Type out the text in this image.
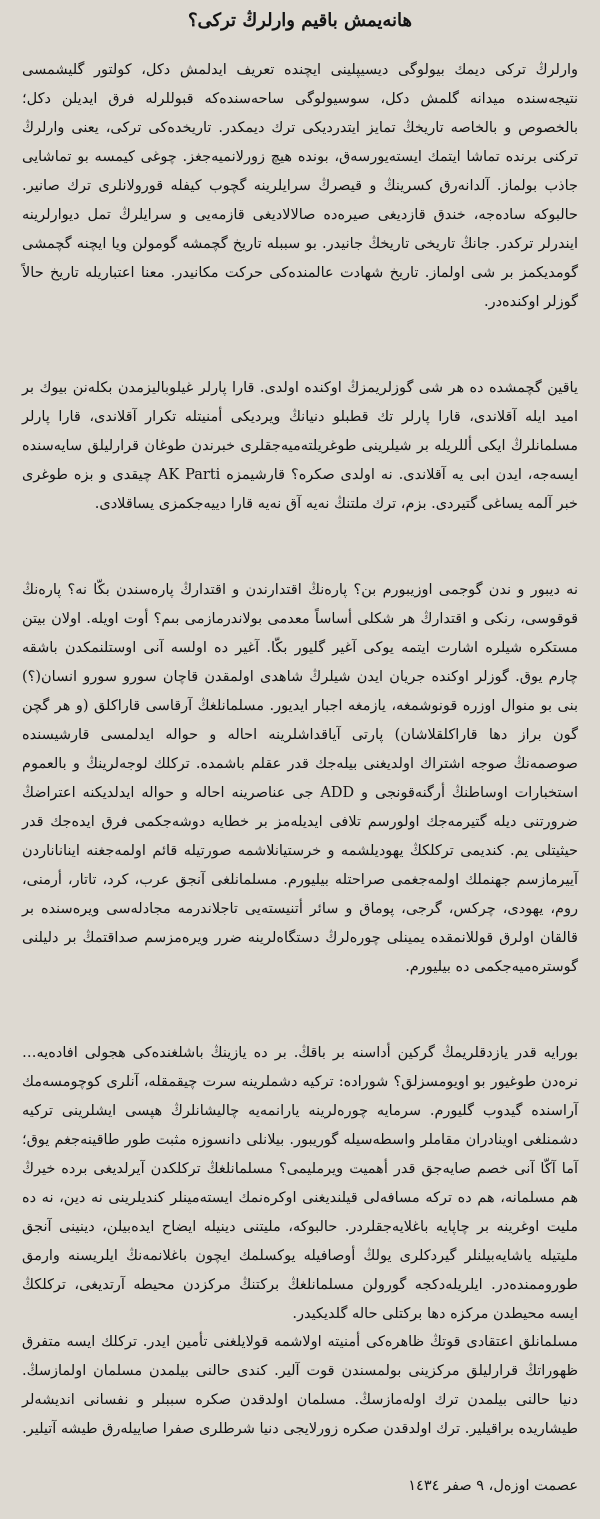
هانه‌یمش باقیم وارلرڭ ترکی؟

وارلرڭ ترکی دیمك بیولوگی دیسیپلینی ایچنده تعریف ایدلمش دکل، کولتور گلیشمسی نتیجه‌سنده میدانه گلمش دکل، سوسیولوگی ساحه‌سنده‌که قبوللرله فرق ایدیلن دکل؛ بالخصوص و بالخاصه تاریخڭ تمایز ایتدردیکی ترك دیمکدر. تاریخده‌کی ترکی، یعنی وارلرڭ ترکنی برنده تماشا ایتمك ایسته‌یورسه‌ق، بونده هیچ زورلانمیه‌جغز. چوغی کیمسه بو تماشایی جاذب بولماز. آلدانه‌رق کسرینڭ و قیصرڭ سرایلرینه گچوب کیفله قورولانلری ترك صانیر. حالبوکه ساده‌جه، خندق قازدیغی صیره‌ده صالالادیغی قازمه‌یی و سرایلرڭ تمل دیوارلرینه ایندرلر ترکدر. جانڭ تاریخی تاریخڭ جانیدر. بو سببله تاریخ گچمشه گومولن ویا ایچنه گچمشی گومدیکمز بر شی اولماز. تاریخ شهادت عالمنده‌کی حرکت مکانیدر. معنا اعتباریله تاریخ حالاً گوزلر اوکنده‌در.

یاقین گچمشده ده هر شی گوزلریمزڭ اوکنده اولدی. قارا پارلر غیلوبالیزمدن بکله‌نن بیوك بر امید ایله آقلاندی، قارا پارلر تك قطبلو دنیانڭ ویردیکی أمنیتله تکرار آقلاندی، قارا پارلر مسلمانلرڭ ایکی أللریله بر شیلرینی طوغریلته‌میه‌جقلری خبرندن طوغان قرارلیلق سایه‌سنده ایسه‌جه، ایدن ابی یه آقلاندی. نه اولدی صکره؟ قارشیمزه AK Parti چیقدی و بزه طوغری خبر آلمه یساغی گتیردی. بزم، ترك ملتنڭ نه‌یه آق نه‌یه قارا دییه‌جکمزی یساقلادی.

نه دیبور و ندن گوجمی اوزیبورم بن؟ پاره‌نڭ اقتدارندن و اقتدارڭ پاره‌سندن بکّا نه؟ پاره‌نڭ قوقوسی، رنکی و اقتدارڭ هر شکلی أساساً معدمی بولاندرمازمی بىم؟ أوت اویله. اولان بیتن مستکره شیلره اشارت ایتمه یوکی آغیر گلیور بکّا. آغیر ده اولسه آنی اوستلنمکدن باشقه چارم یوق. گوزلر اوکنده جریان ایدن شیلرڭ شاهدی اولمقدن قاچان سورو سورو انسان(؟) بنی بو منوال اوزره قونوشمغه، یازمغه اجبار ایدیور. مسلمانلغڭ آرقاسی قاراکلق (و هر گچن گون براز دها قاراکلقلاشان) پارتی آیاقداشلرینه احاله و حواله ایدلمسی قارشیسنده صوصمه‌نڭ صوجه اشتراك اولدیغنی بیله‌جك قدر عقلم باشمده. ترکلك لوجه‌لرینڭ و بالعموم استخبارات اوساطنڭ أرگنه‌قونجی و ADD جی عناصرینه احاله و حواله ایدلدیکنه اعتراضڭ ضرورتنی دیله گتیرمه‌جك اولورسم تلافی ایدیله‌مز بر خطایه دوشه‌جکمی فرق ایده‌جك قدر حیثیتلی یم. کندیمی ترکلکڭ یهودیلشمه و خرستیانلاشمه صورتیله قائم اولمه‌جغنه ایناناناردن آییرمازسم جهنملك اولمه‌جغمی صراحتله بیلیورم. مسلمانلغی آنجق عرب، کرد، تاتار، أرمنی، روم، یهودی، چرکس، گرجی، پوماق و سائر أتنیسته‌یی تاجلاندرمه مجادله‌سی ویره‌سنده بر قالقان اولرق قوللانمقده یمینلی چوره‌لرڭ دستگاه‌لرینه ضرر ویره‌مزسم صداقتمڭ بر دلیلنی گوستره‌میه‌جکمی ده بیلیورم.

بورایه قدر یازدقلریمڭ گرکین أداسنه بر باقڭ. بر ده یازینڭ باشلغنده‌کی هجولی افاده‌یه… نره‌دن طوغیور بو اویومسزلق؟ شوراده: ترکیه دشملرینه سرت چیقمقله، آنلری کوچومسه‌مك آراسنده گیدوب گلیورم. سرمایه چوره‌لرینه یارانمه‌یه چالیشانلرڭ هپسی ایشلرینی ترکیه دشمنلغی اوینادران مقاملر واسطه‌سیله گوریبور. بیلانلی دانسوزه مثبت طور طاقینه‌جغم یوق؛ آما آکّا آنی خصم صایه‌جق قدر أهمیت ویرملیمی؟ مسلمانلغڭ ترکلکدن آیرلدیغی برده خیرڭ هم مسلمانه، هم ده ترکه مسافه‌لی قیلندیغنی اوکره‌نمك ایسته‌مینلر کندیلرینی نه دین، نه ده ملیت اوغرینه بر چاپایه باغلایه‌جقلردر. حالبوکه، ملیتنی دینیله ایضاح ایده‌بیلن، دینینی آنجق ملیتیله یاشایه‌بیلنلر گیردکلری یولڭ أوصافیله یوکسلمك ایچون باغلانمه‌نڭ ایلریسنه وارمق طوروممنده‌در. ایلریله‌دکجه گورولن مسلمانلغڭ برکتنڭ مرکزدن محیطه آرتدیغی، ترکلكڭ ایسه محیطدن مرکزه دها برکتلی حاله گلدیکیدر.

مسلمانلق اعتقادی قوتڭ ظاهره‌کی أمنیته اولاشمه قولایلغنی تأمین ایدر. ترکلك ایسه متفرق ظهوراتڭ قرارلیلق مرکزینی بولمسندن قوت آلیر. کندی حالنی بیلمدن مسلمان اولمازسڭ. دنیا حالنی بیلمدن ترك اوله‌مازسڭ. مسلمان اولدقدن صکره سببلر و نفسانی اندیشه‌لر طیشاریده براقیلیر. ترك اولدقدن صکره زورلایجی دنیا شرطلری صفرا صاییله‌رق طیشه آتیلیر.

عصمت اوزەل، ۹ صفر ١٤٣٤
